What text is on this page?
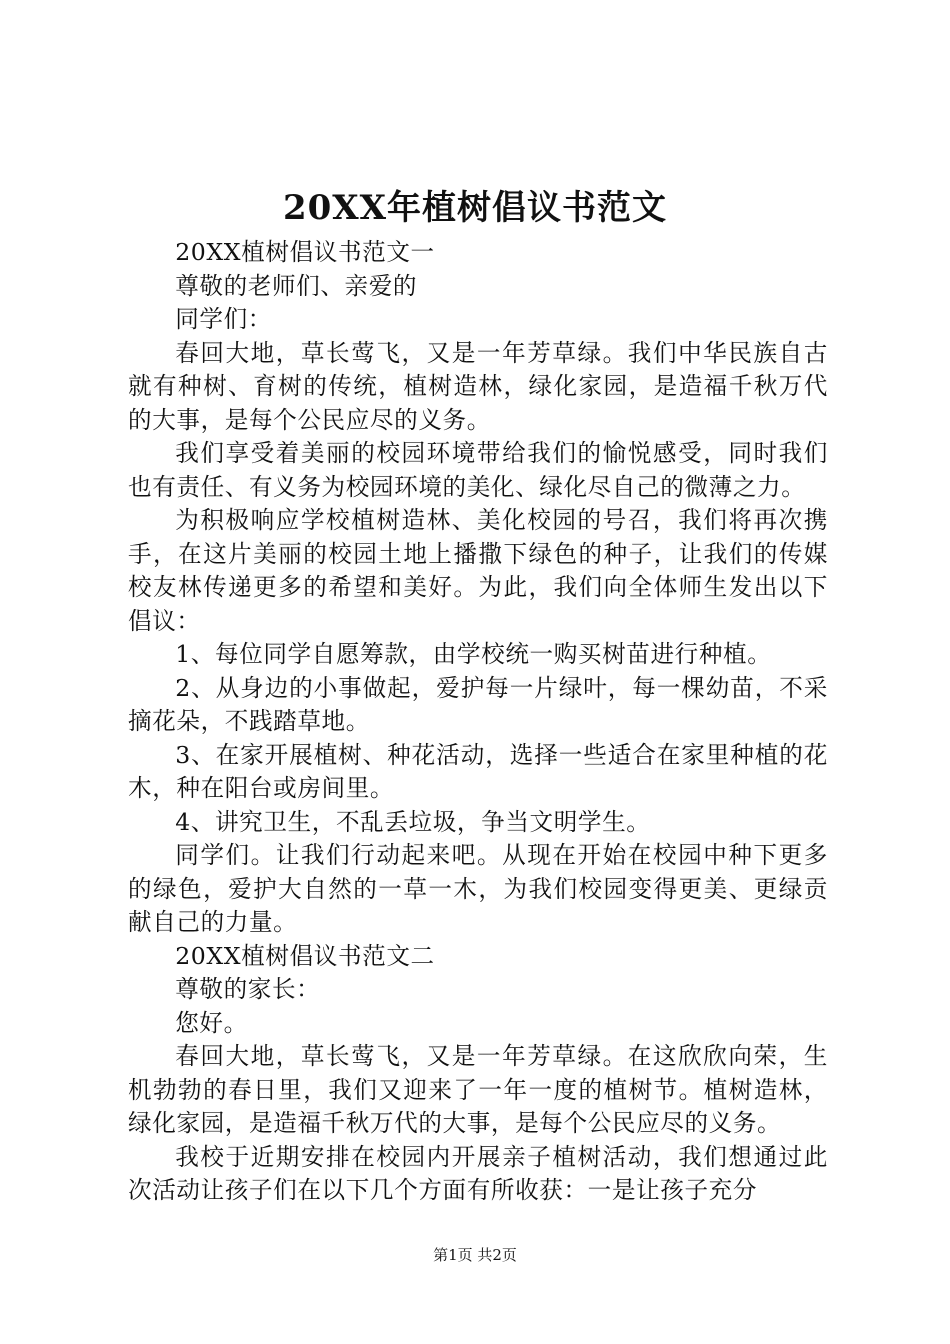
20XX年植树倡议书范文

20XX植树倡议书范文一

尊敬的老师们、亲爱的

同学们：

春回大地，草长莺飞，又是一年芳草绿。我们中华民族自古就有种树、育树的传统，植树造林，绿化家园，是造福千秋万代的大事，是每个公民应尽的义务。

我们享受着美丽的校园环境带给我们的愉悦感受，同时我们也有责任、有义务为校园环境的美化、绿化尽自己的微薄之力。

为积极响应学校植树造林、美化校园的号召，我们将再次携手，在这片美丽的校园土地上播撒下绿色的种子，让我们的传媒校友林传递更多的希望和美好。为此，我们向全体师生发出以下倡议：

1、每位同学自愿筹款，由学校统一购买树苗进行种植。

2、从身边的小事做起，爱护每一片绿叶，每一棵幼苗，不采摘花朵，不践踏草地。

3、在家开展植树、种花活动，选择一些适合在家里种植的花木，种在阳台或房间里。

4、讲究卫生，不乱丢垃圾，争当文明学生。

同学们。让我们行动起来吧。从现在开始在校园中种下更多的绿色，爱护大自然的一草一木，为我们校园变得更美、更绿贡献自己的力量。

20XX植树倡议书范文二

尊敬的家长：

您好。

春回大地，草长莺飞，又是一年芳草绿。在这欣欣向荣，生机勃勃的春日里，我们又迎来了一年一度的植树节。植树造林，绿化家园，是造福千秋万代的大事，是每个公民应尽的义务。

我校于近期安排在校园内开展亲子植树活动，我们想通过此次活动让孩子们在以下几个方面有所收获：一是让孩子充分

第1页 共2页
